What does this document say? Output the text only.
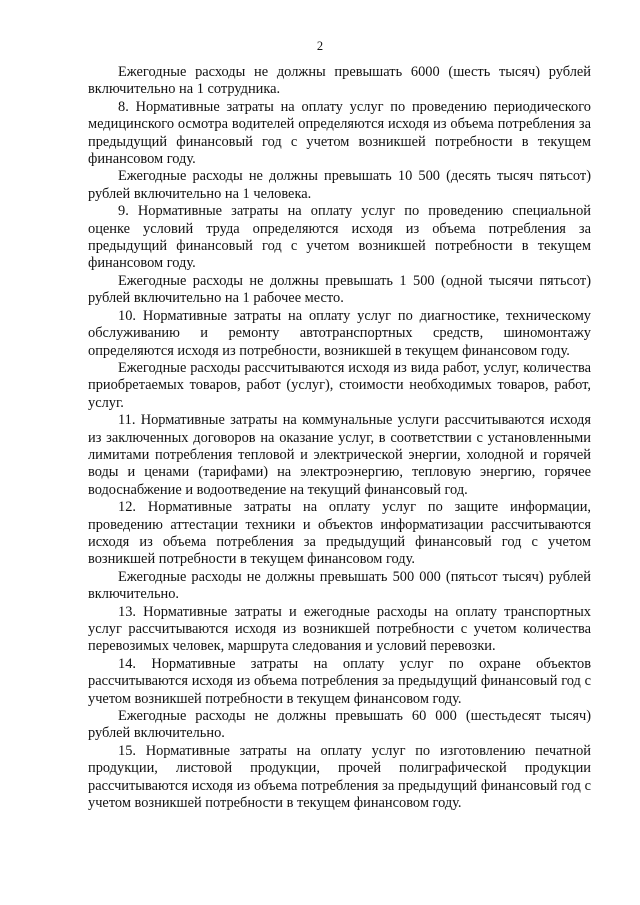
2

Ежегодные расходы не должны превышать 6000 (шесть тысяч) рублей включительно на 1 сотрудника.

8. Нормативные затраты на оплату услуг по проведению периодического медицинского осмотра водителей определяются исходя из объема потребления за предыдущий финансовый год с учетом возникшей потребности в текущем финансовом году.

Ежегодные расходы не должны превышать 10 500 (десять тысяч пятьсот) рублей включительно на 1 человека.

9. Нормативные затраты на оплату услуг по проведению специальной оценке условий труда определяются исходя из объема потребления за предыдущий финансовый год с учетом возникшей потребности в текущем финансовом году.

Ежегодные расходы не должны превышать 1 500 (одной тысячи пятьсот) рублей включительно на 1 рабочее место.

10. Нормативные затраты на оплату услуг по диагностике, техническому обслуживанию и ремонту автотранспортных средств, шиномонтажу определяются исходя из потребности, возникшей в текущем финансовом году.

Ежегодные расходы рассчитываются исходя из вида работ, услуг, количества приобретаемых товаров, работ (услуг), стоимости необходимых товаров, работ, услуг.

11. Нормативные затраты на коммунальные услуги рассчитываются исходя из заключенных договоров на оказание услуг, в соответствии с установленными лимитами потребления тепловой и электрической энергии, холодной и горячей воды и ценами (тарифами) на электроэнергию, тепловую энергию, горячее водоснабжение и водоотведение на текущий финансовый год.

12. Нормативные затраты на оплату услуг по защите информации, проведению аттестации техники и объектов информатизации рассчитываются исходя из объема потребления за предыдущий финансовый год с учетом возникшей потребности в текущем финансовом году.

Ежегодные расходы не должны превышать 500 000 (пятьсот тысяч) рублей включительно.

13. Нормативные затраты и ежегодные расходы на оплату транспортных услуг рассчитываются исходя из возникшей потребности с учетом количества перевозимых человек, маршрута следования и условий перевозки.

14. Нормативные затраты на оплату услуг по охране объектов рассчитываются исходя из объема потребления за предыдущий финансовый год с учетом возникшей потребности в текущем финансовом году.

Ежегодные расходы не должны превышать 60 000 (шестьдесят тысяч) рублей включительно.

15. Нормативные затраты на оплату услуг по изготовлению печатной продукции, листовой продукции, прочей полиграфической продукции рассчитываются исходя из объема потребления за предыдущий финансовый год с учетом возникшей потребности в текущем финансовом году.
